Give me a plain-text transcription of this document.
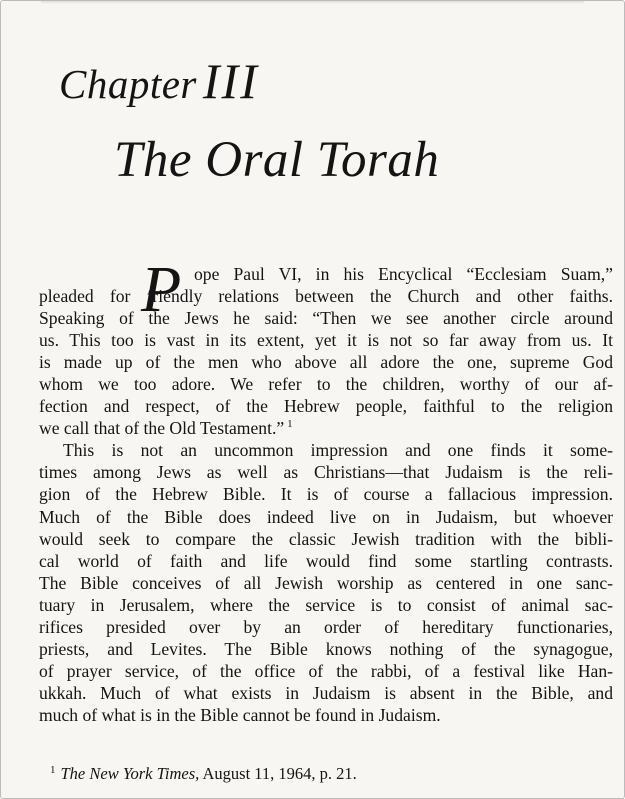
Chapter III
The Oral Torah
P ope Paul VI, in his Encyclical “Ecclesiam Suam,”
pleaded for friendly relations between the Church and other faiths.
Speaking of the Jews he said: “Then we see another circle around
us. This too is vast in its extent, yet it is not so far away from us. It
is made up of the men who above all adore the one, supreme God
whom we too adore. We refer to the children, worthy of our af-
fection and respect, of the Hebrew people, faithful to the religion
we call that of the Old Testament.” $^1$
This is not an uncommon impression and one finds it some-
times among Jews as well as Christians—that Judaism is the reli-
gion of the Hebrew Bible. It is of course a fallacious impression.
Much of the Bible does indeed live on in Judaism, but whoever
would seek to compare the classic Jewish tradition with the bibli-
cal world of faith and life would find some startling contrasts.
The Bible conceives of all Jewish worship as centered in one sanc-
tuary in Jerusalem, where the service is to consist of animal sac-
rifices presided over by an order of hereditary functionaries,
priests, and Levites. The Bible knows nothing of the synagogue,
of prayer service, of the office of the rabbi, of a festival like Han-
ukkah. Much of what exists in Judaism is absent in the Bible, and
much of what is in the Bible cannot be found in Judaism.
$^1$ The New York Times, August 11, 1964, p. 21.
